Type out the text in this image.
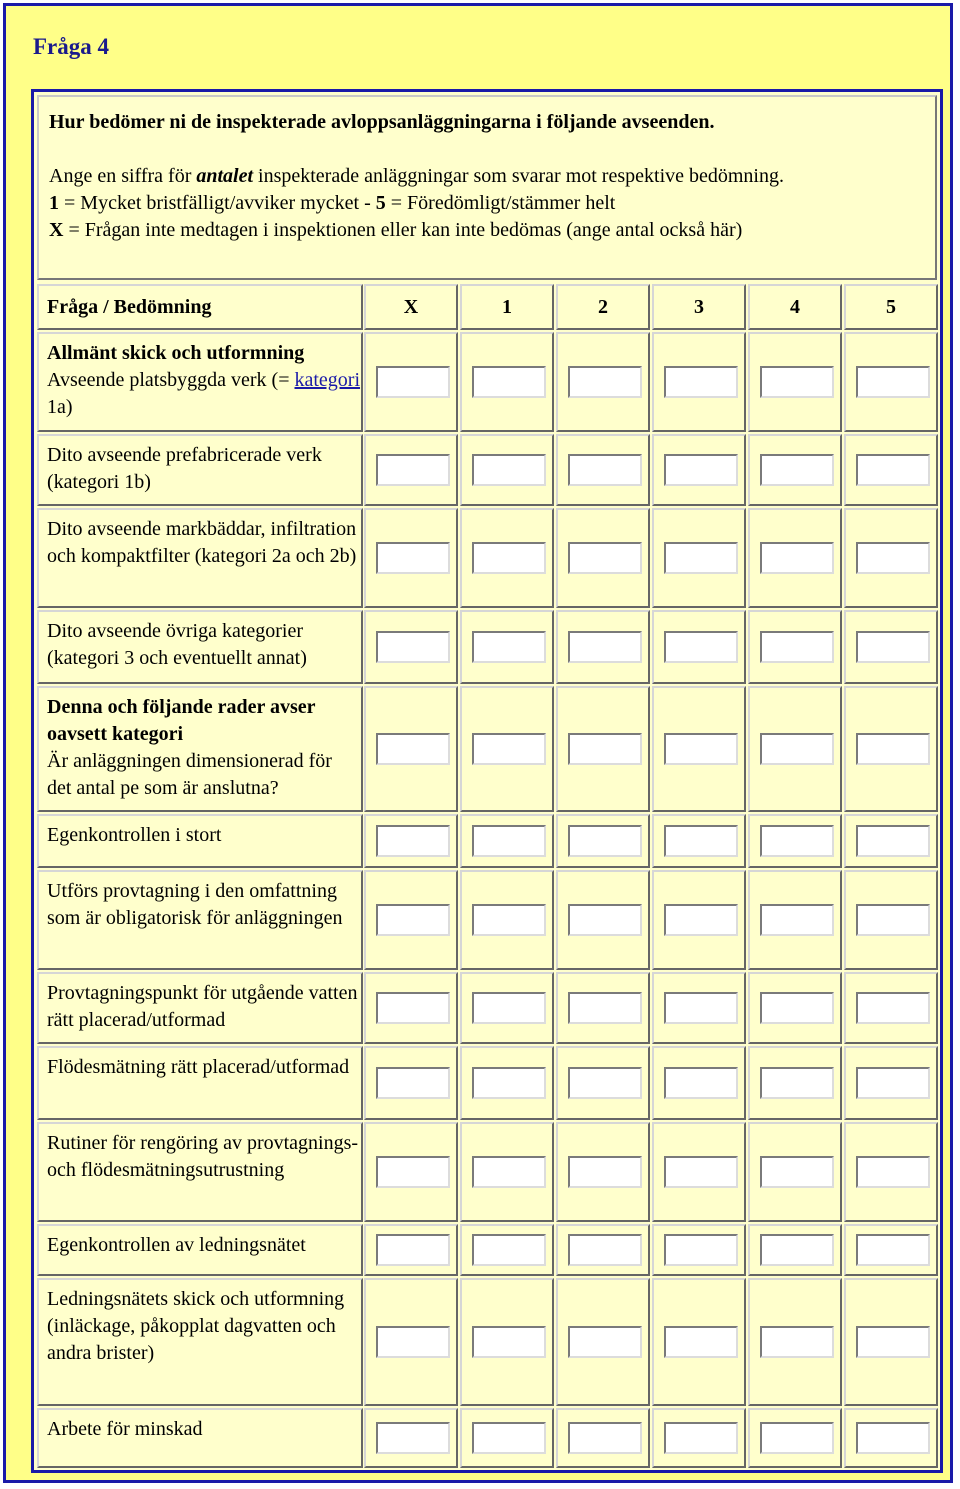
Fråga 4
Hur bedömer ni de inspekterade avloppsanläggningarna i följande avseenden.
Ange en siffra för antalet inspekterade anläggningar som svarar mot respektive bedömning.
1 = Mycket bristfälligt/avviker mycket - 5 = Föredömligt/stämmer helt
X = Frågan inte medtagen i inspektionen eller kan inte bedömas (ange antal också här)
Fråga / Bedömning	X	1	2	3	4	5
Allmänt skick och utformning
Avseende platsbyggda verk (= kategori 1a)
Dito avseende prefabricerade verk (kategori 1b)
Dito avseende markbäddar, infiltration och kompaktfilter (kategori 2a och 2b)
Dito avseende övriga kategorier (kategori 3 och eventuellt annat)
Denna och följande rader avser oavsett kategori
Är anläggningen dimensionerad för det antal pe som är anslutna?
Egenkontrollen i stort
Utförs provtagning i den omfattning som är obligatorisk för anläggningen
Provtagningspunkt för utgående vatten rätt placerad/utformad
Flödesmätning rätt placerad/utformad
Rutiner för rengöring av provtagnings- och flödesmätningsutrustning
Egenkontrollen av ledningsnätet
Ledningsnätets skick och utformning (inläckage, påkopplat dagvatten och andra brister)
Arbete för minskad
